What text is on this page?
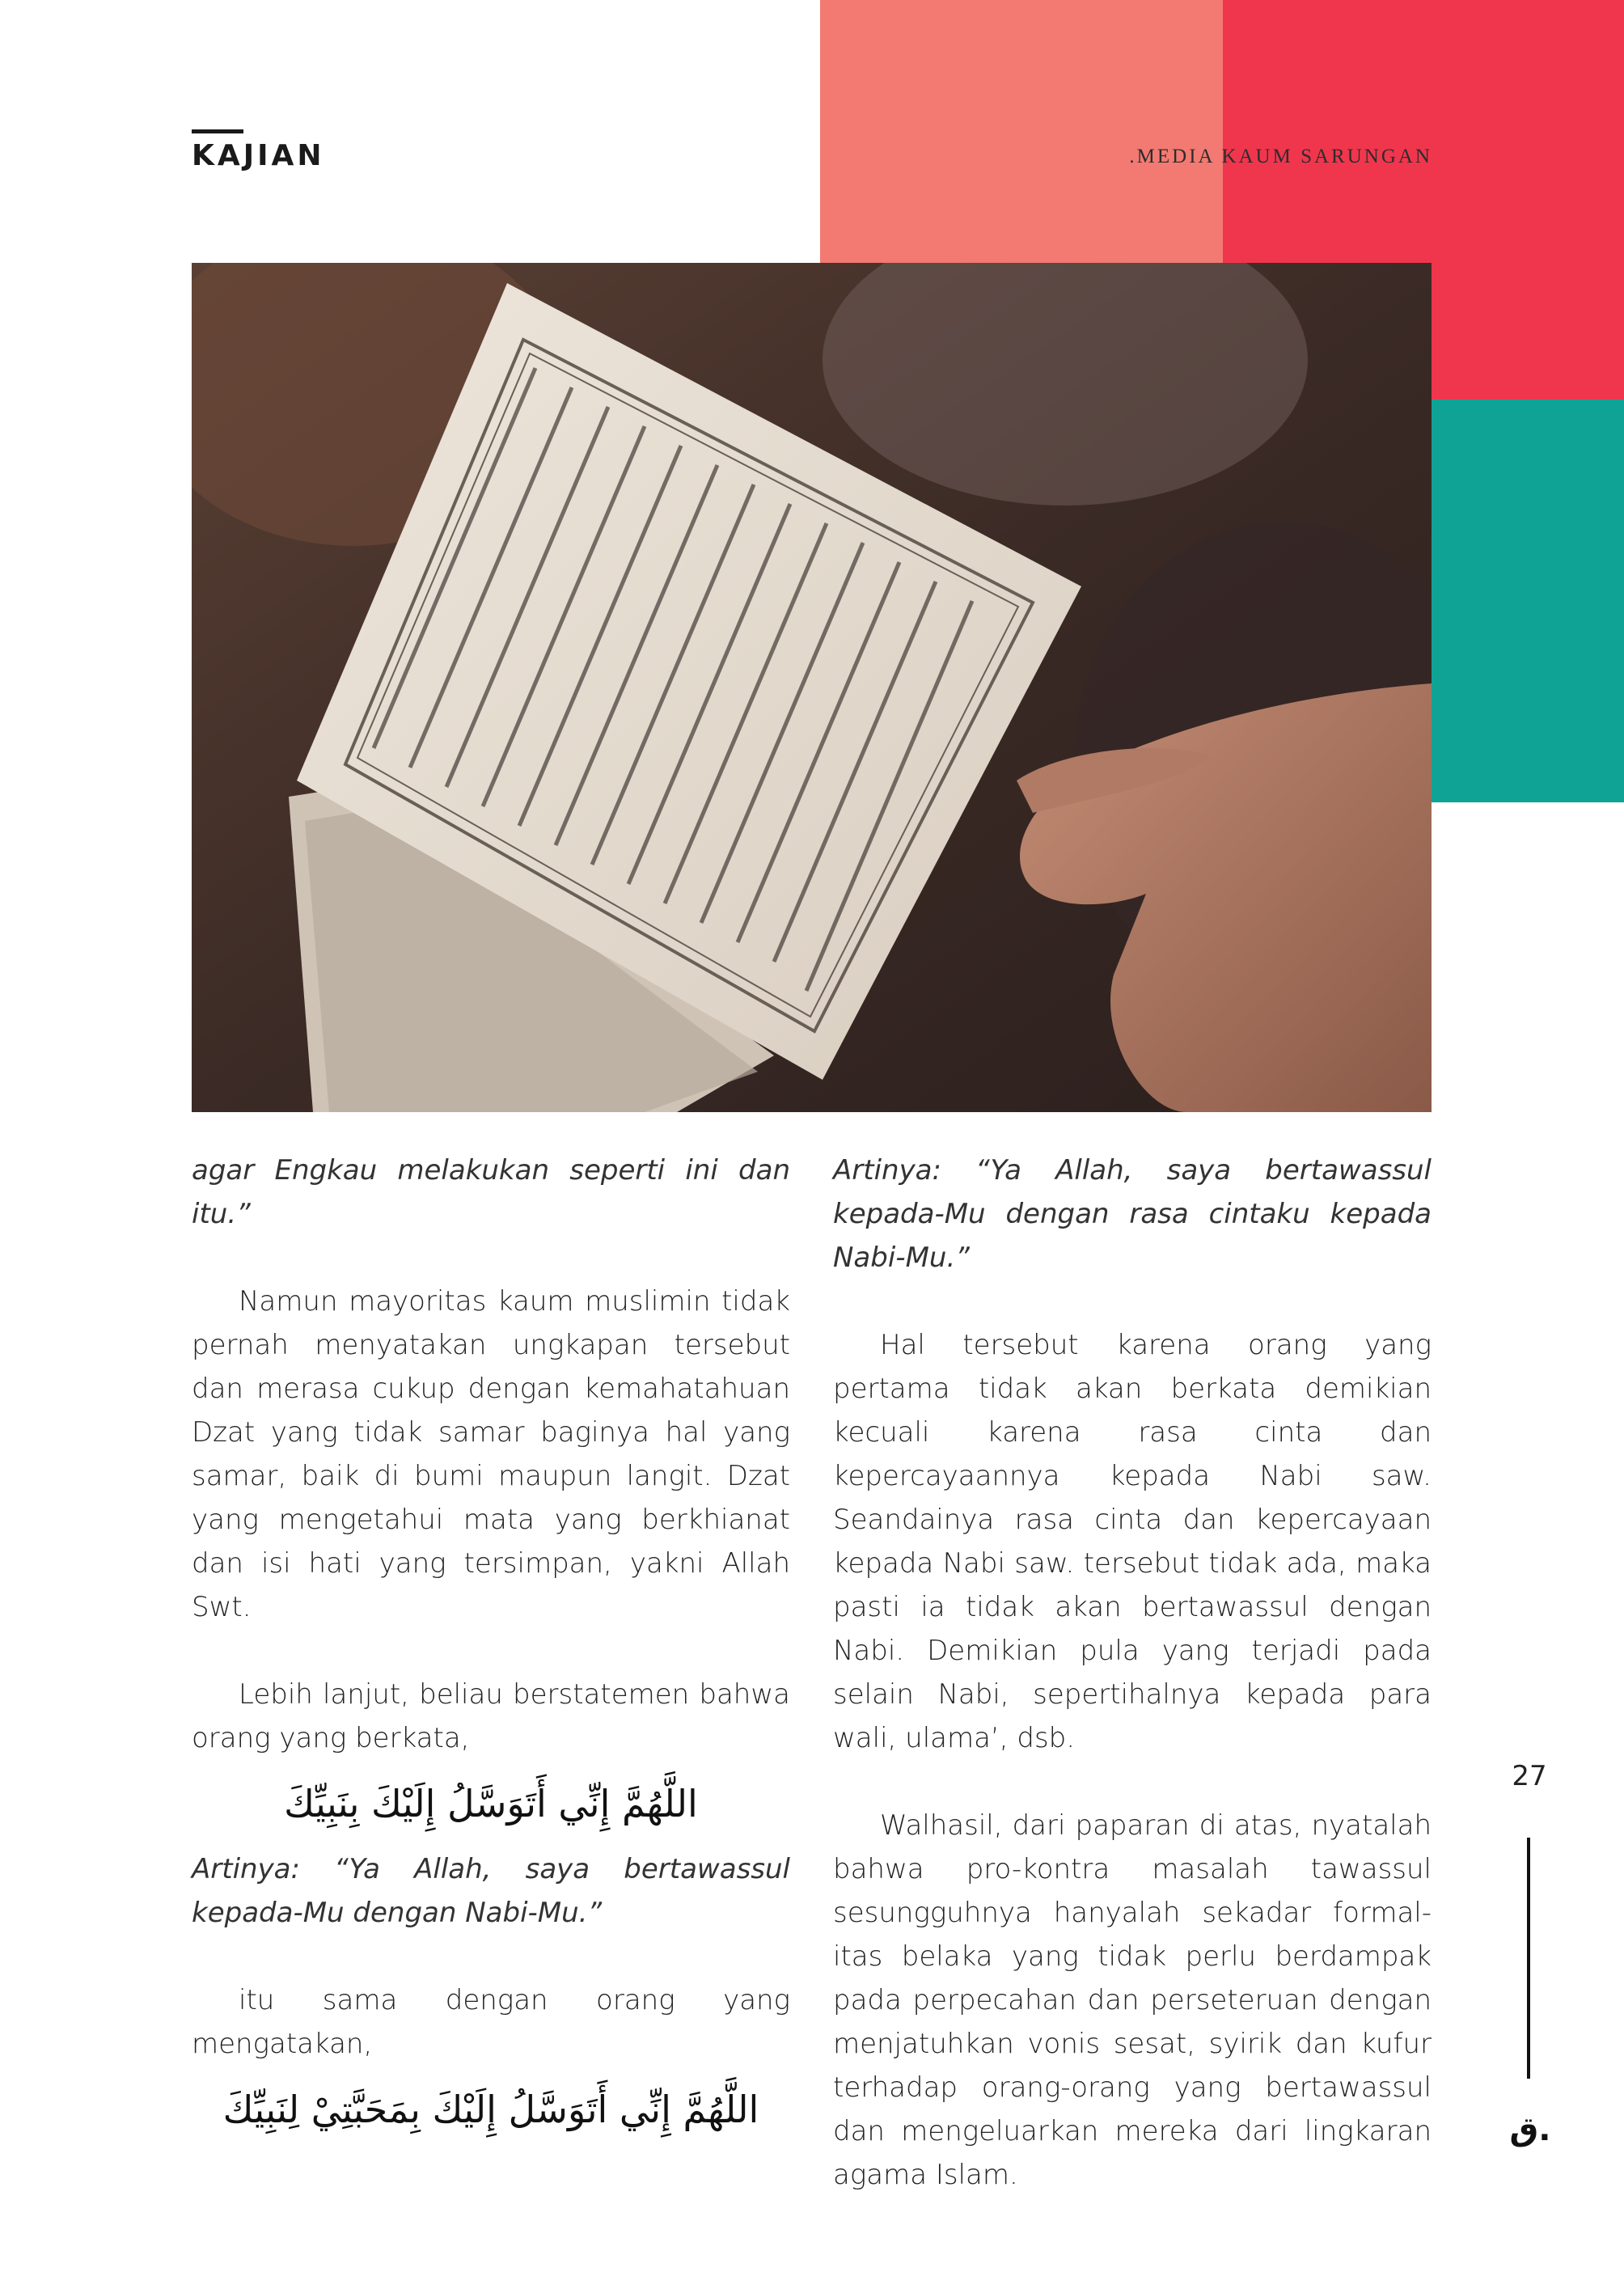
KAJIAN	.MEDIA KAUM SARUNGAN

agar Engkau melakukan seperti ini dan itu.”

Namun mayoritas kaum muslimin tidak pernah menyatakan ungkapan tersebut dan merasa cukup dengan kemahatahuan Dzat yang tidak samar baginya hal yang samar, baik di bumi maupun langit. Dzat yang mengetahui mata yang berkhianat dan isi hati yang tersimpan, yakni Allah Swt.

Lebih lanjut, beliau berstatemen bahwa orang yang berkata,

اللَّهُمَّ إِنِّي أَتَوَسَّلُ إِلَيْكَ بِنَبِيِّكَ

Artinya: “Ya Allah, saya bertawassul kepada-Mu dengan Nabi-Mu.”

itu sama dengan orang yang mengatakan,

اللَّهُمَّ إِنِّي أَتَوَسَّلُ إِلَيْكَ بِمَحَبَّتِيْ لِنَبِيِّكَ

Artinya: “Ya Allah, saya bertawassul kepada-Mu dengan rasa cintaku kepada Nabi-Mu.”

Hal tersebut karena orang yang pertama tidak akan berkata demikian kecuali karena rasa cinta dan kepercayaannya kepada Nabi saw. Seandainya rasa cinta dan kepercayaan kepada Nabi saw. tersebut tidak ada, maka pasti ia tidak akan bertawassul dengan Nabi. Demikian pula yang terjadi pada selain Nabi, sepertihalnya kepada para wali, ulama’, dsb.

Walhasil, dari paparan di atas, nyatalah bahwa pro-kontra masalah tawassul sesungguhnya hanyalah sekadar formal-itas belaka yang tidak perlu berdampak pada perpecahan dan perseteruan dengan menjatuhkan vonis sesat, syirik dan kufur terhadap orang-orang yang bertawassul dan mengeluarkan mereka dari lingkaran agama Islam.

27
ق.
